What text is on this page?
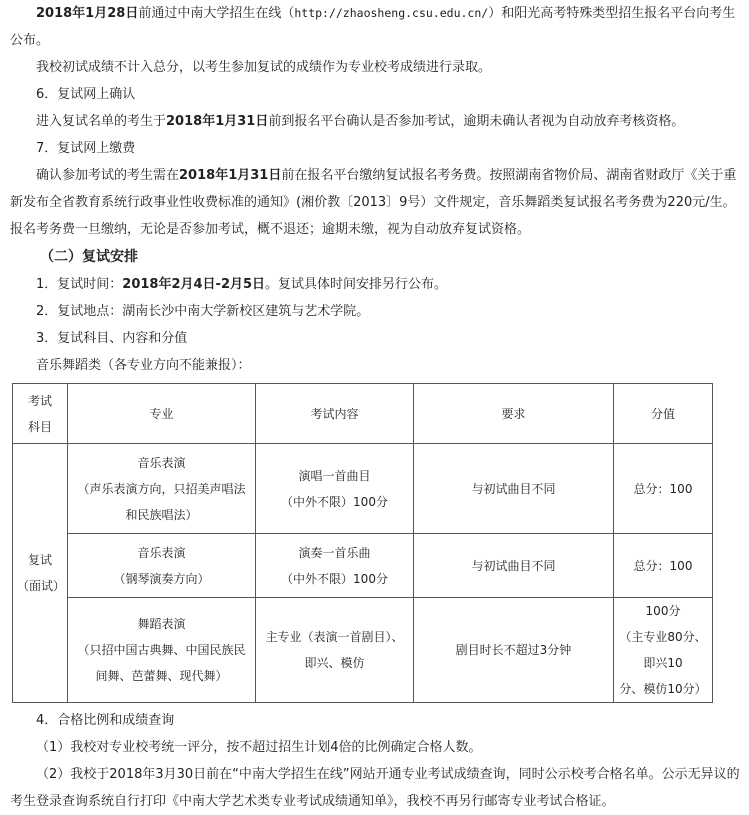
2018年1月28日前通过中南大学招生在线（http://zhaosheng.csu.edu.cn/）和阳光高考特殊类型招生报名平台向考生公布。

我校初试成绩不计入总分，以考生参加复试的成绩作为专业校考成绩进行录取。

6．复试网上确认

进入复试名单的考生于2018年1月31日前到报名平台确认是否参加考试，逾期未确认者视为自动放弃考核资格。

7．复试网上缴费

确认参加考试的考生需在2018年1月31日前在报名平台缴纳复试报名考务费。按照湖南省物价局、湖南省财政厅《关于重新发布全省教育系统行政事业性收费标准的通知》(湘价教〔2013〕9号）文件规定，音乐舞蹈类复试报名考务费为220元/生。报名考务费一旦缴纳，无论是否参加考试，概不退还；逾期未缴，视为自动放弃复试资格。

（二）复试安排

1．复试时间：2018年2月4日-2月5日。复试具体时间安排另行公布。

2．复试地点：湖南长沙中南大学新校区建筑与艺术学院。

3．复试科目、内容和分值

音乐舞蹈类（各专业方向不能兼报）：

考试
科目	专业	考试内容	要求	分值

复试
（面试）	音乐表演
（声乐表演方向，只招美声唱法
和民族唱法）	演唱一首曲目
（中外不限）100分	与初试曲目不同	总分：100

	音乐表演
（钢琴演奏方向）	演奏一首乐曲
（中外不限）100分	与初试曲目不同	总分：100

	舞蹈表演
（只招中国古典舞、中国民族民
间舞、芭蕾舞、现代舞）	主专业（表演一首剧目）、
即兴、模仿	剧目时长不超过3分钟	100分
（主专业80分、即兴10
分、模仿10分）

4．合格比例和成绩查询

（1）我校对专业校考统一评分，按不超过招生计划4倍的比例确定合格人数。

（2）我校于2018年3月30日前在“中南大学招生在线”网站开通专业考试成绩查询，同时公示校考合格名单。公示无异议的考生登录查询系统自行打印《中南大学艺术类专业考试成绩通知单》，我校不再另行邮寄专业考试合格证。
